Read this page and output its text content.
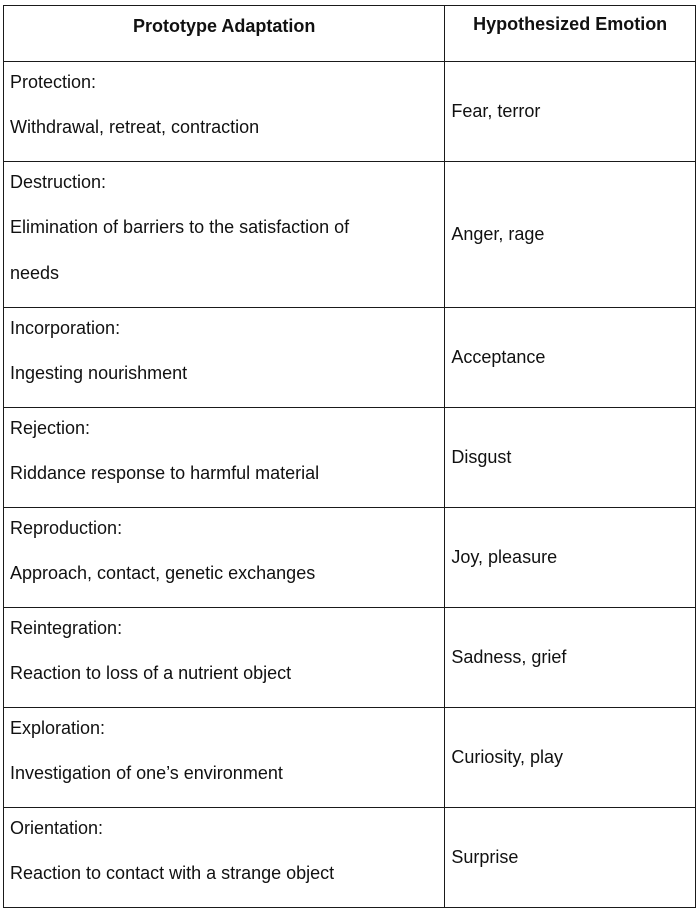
Prototype Adaptation	Hypothesized Emotion

Protection:

Withdrawal, retreat, contraction

Fear, terror

Destruction:

Elimination of barriers to the satisfaction of needs

Anger, rage

Incorporation:

Ingesting nourishment

Acceptance

Rejection:

Riddance response to harmful material

Disgust

Reproduction:

Approach, contact, genetic exchanges

Joy, pleasure

Reintegration:

Reaction to loss of a nutrient object

Sadness, grief

Exploration:

Investigation of one’s environment

Curiosity, play

Orientation:

Reaction to contact with a strange object

Surprise
